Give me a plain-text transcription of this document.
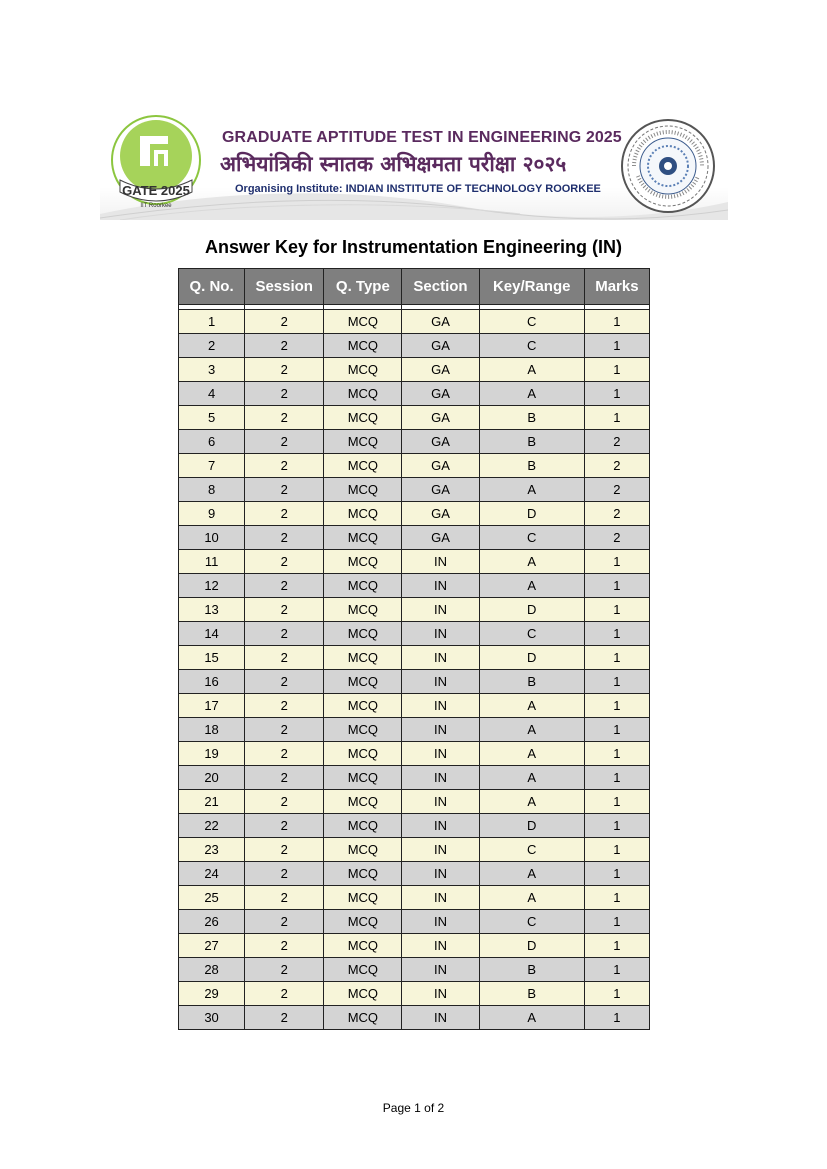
GATE 2025
IIT Roorkee
GRADUATE APTITUDE TEST IN ENGINEERING 2025
अभियांत्रिकी स्नातक अभिक्षमता परीक्षा २०२५
Organising Institute: INDIAN INSTITUTE OF TECHNOLOGY ROORKEE
Answer Key for Instrumentation Engineering (IN)
Q. No.	Session	Q. Type	Section	Key/Range	Marks

1	2	MCQ	GA	C	1
2	2	MCQ	GA	C	1
3	2	MCQ	GA	A	1
4	2	MCQ	GA	A	1
5	2	MCQ	GA	B	1
6	2	MCQ	GA	B	2
7	2	MCQ	GA	B	2
8	2	MCQ	GA	A	2
9	2	MCQ	GA	D	2
10	2	MCQ	GA	C	2
11	2	MCQ	IN	A	1
12	2	MCQ	IN	A	1
13	2	MCQ	IN	D	1
14	2	MCQ	IN	C	1
15	2	MCQ	IN	D	1
16	2	MCQ	IN	B	1
17	2	MCQ	IN	A	1
18	2	MCQ	IN	A	1
19	2	MCQ	IN	A	1
20	2	MCQ	IN	A	1
21	2	MCQ	IN	A	1
22	2	MCQ	IN	D	1
23	2	MCQ	IN	C	1
24	2	MCQ	IN	A	1
25	2	MCQ	IN	A	1
26	2	MCQ	IN	C	1
27	2	MCQ	IN	D	1
28	2	MCQ	IN	B	1
29	2	MCQ	IN	B	1
30	2	MCQ	IN	A	1
Page 1 of 2
